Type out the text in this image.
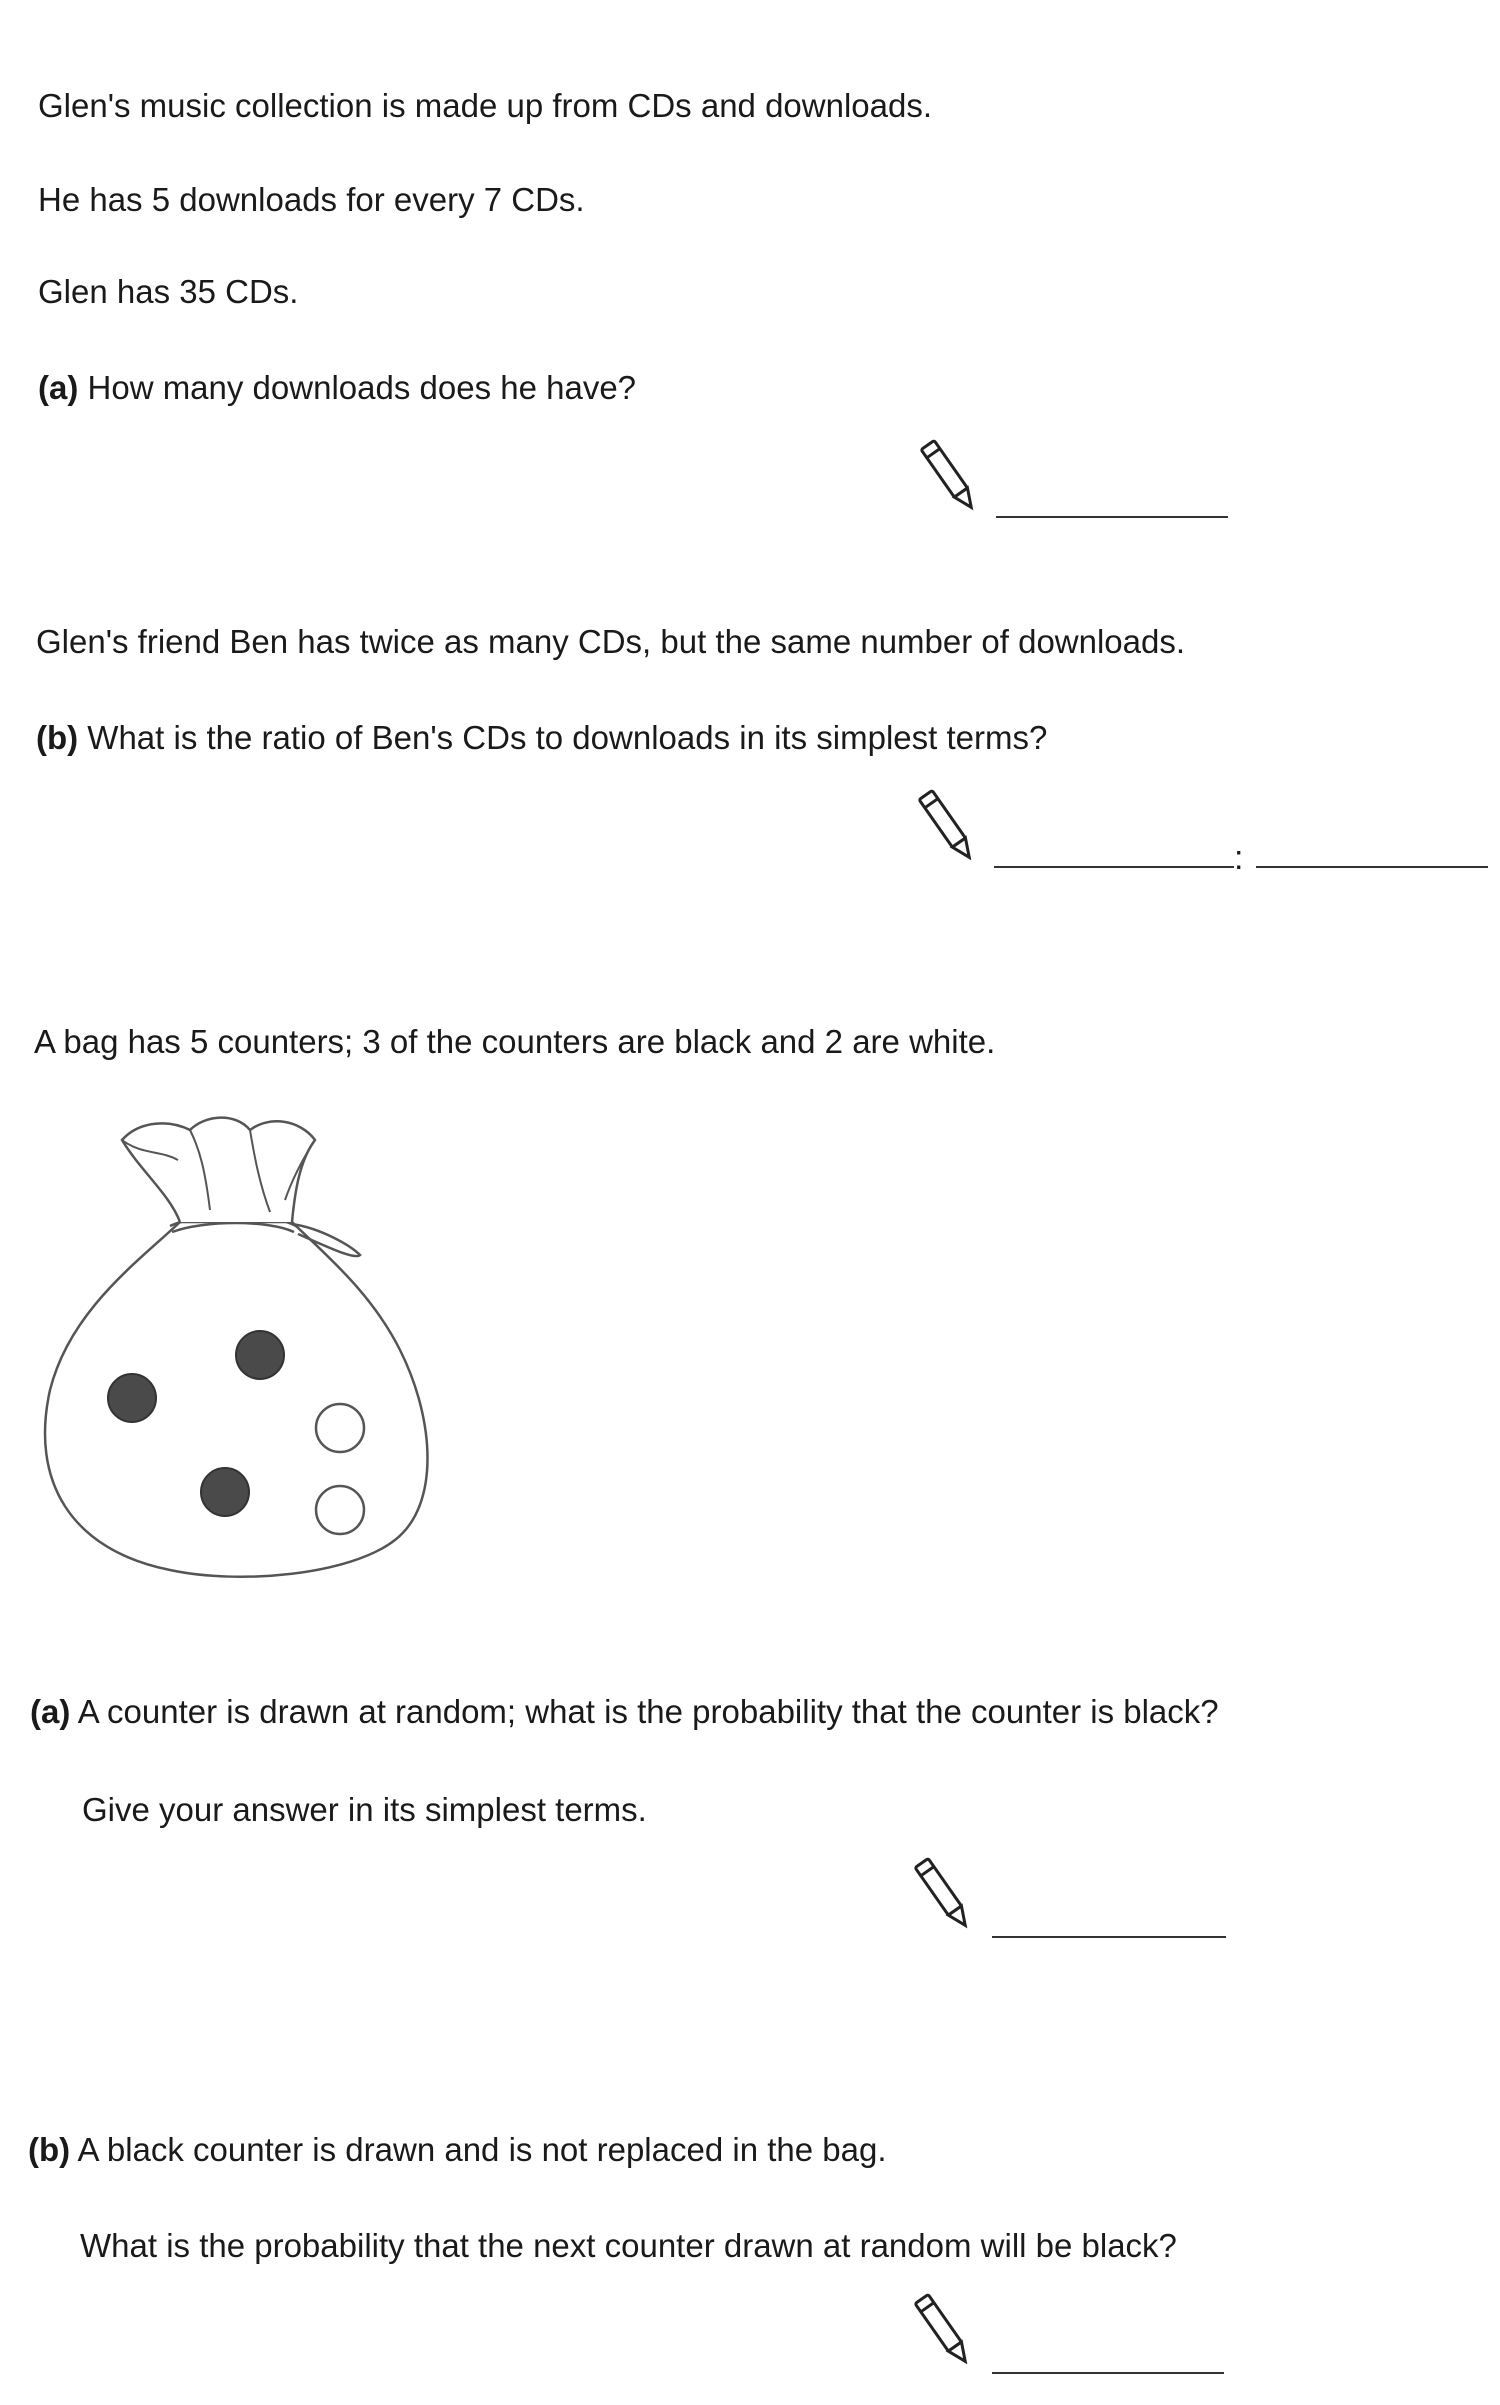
Glen's music collection is made up from CDs and downloads.
He has 5 downloads for every 7 CDs.
Glen has 35 CDs.
(a) How many downloads does he have?
Glen's friend Ben has twice as many CDs, but the same number of downloads.
(b) What is the ratio of Ben's CDs to downloads in its simplest terms?
:
A bag has 5 counters; 3 of the counters are black and 2 are white.
(a) A counter is drawn at random; what is the probability that the counter is black?
Give your answer in its simplest terms.
(b) A black counter is drawn and is not replaced in the bag.
What is the probability that the next counter drawn at random will be black?
